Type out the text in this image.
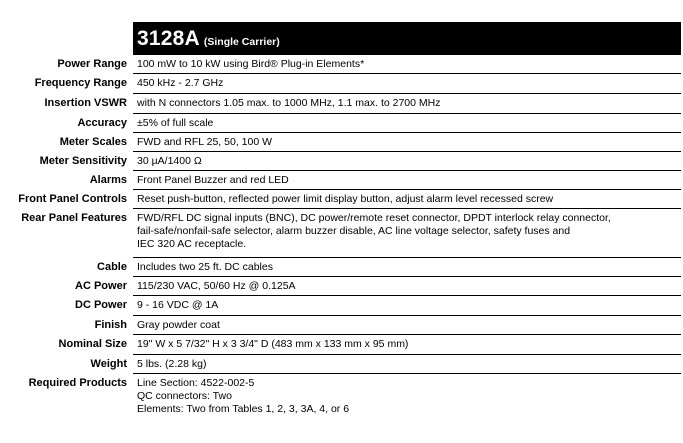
3128A (Single Carrier)
Power Range 100 mW to 10 kW using Bird® Plug-in Elements*
Frequency Range 450 kHz - 2.7 GHz
Insertion VSWR with N connectors 1.05 max. to 1000 MHz, 1.1 max. to 2700 MHz
Accuracy ±5% of full scale
Meter Scales FWD and RFL 25, 50, 100 W
Meter Sensitivity 30 µA/1400 Ω
Alarms Front Panel Buzzer and red LED
Front Panel Controls Reset push-button, reflected power limit display button, adjust alarm level recessed screw
Rear Panel Features FWD/RFL DC signal inputs (BNC), DC power/remote reset connector, DPDT interlock relay connector,
fail-safe/nonfail-safe selector, alarm buzzer disable, AC line voltage selector, safety fuses and
IEC 320 AC receptacle.
Cable Includes two 25 ft. DC cables
AC Power 115/230 VAC, 50/60 Hz @ 0.125A
DC Power 9 - 16 VDC @ 1A
Finish Gray powder coat
Nominal Size 19" W x 5 7/32" H x 3 3/4" D (483 mm x 133 mm x 95 mm)
Weight 5 lbs. (2.28 kg)
Required Products Line Section: 4522-002-5
QC connectors: Two
Elements: Two from Tables 1, 2, 3, 3A, 4, or 6
